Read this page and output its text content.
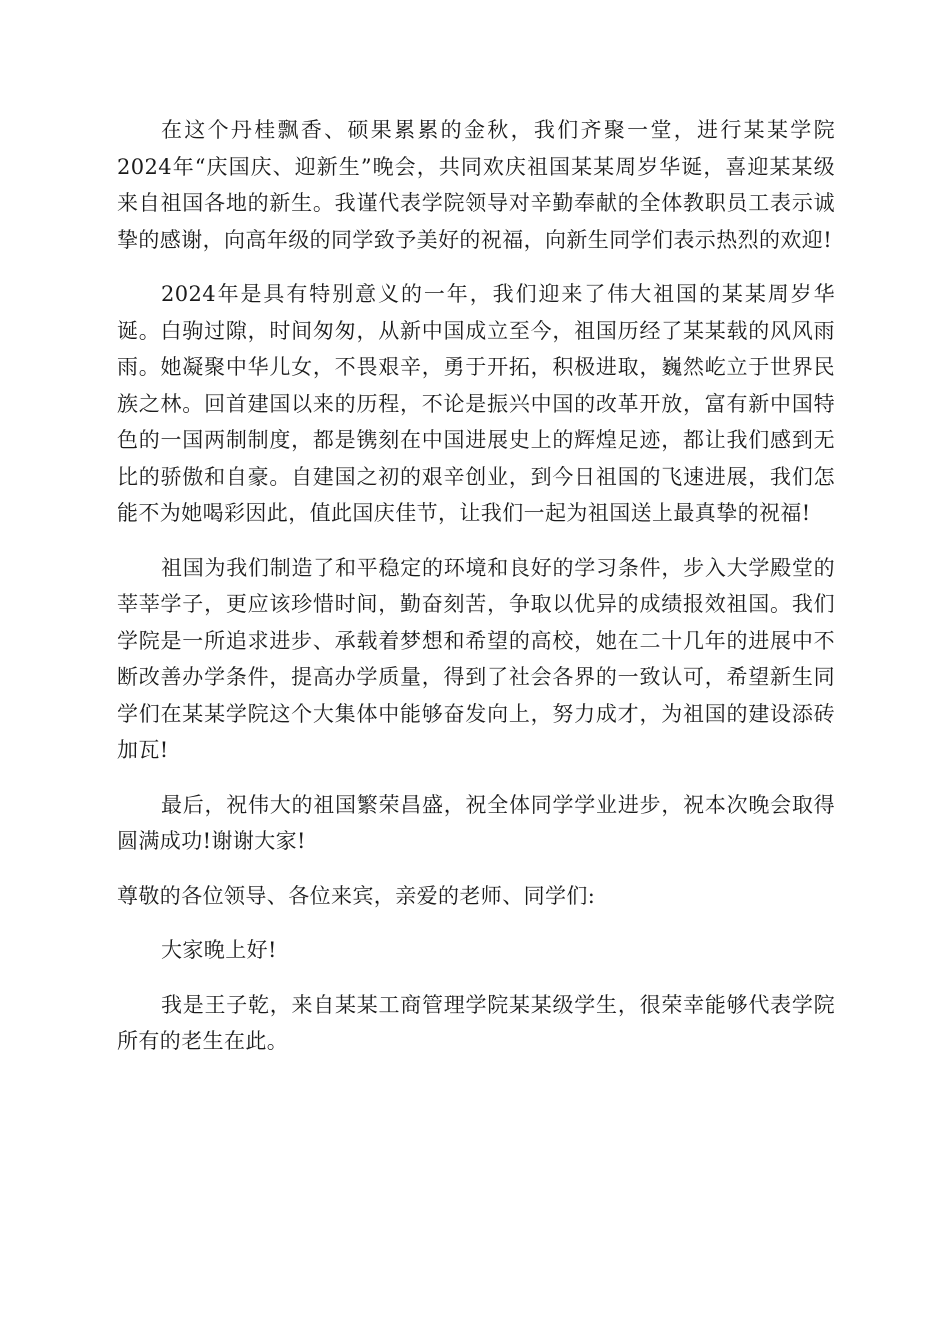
在这个丹桂飘香、硕果累累的金秋，我们齐聚一堂，进行某某学院2024年“庆国庆、迎新生”晚会，共同欢庆祖国某某周岁华诞，喜迎某某级来自祖国各地的新生。我谨代表学院领导对辛勤奉献的全体教职员工表示诚挚的感谢，向高年级的同学致予美好的祝福，向新生同学们表示热烈的欢迎!

2024年是具有特别意义的一年，我们迎来了伟大祖国的某某周岁华诞。白驹过隙，时间匆匆，从新中国成立至今，祖国历经了某某载的风风雨雨。她凝聚中华儿女，不畏艰辛，勇于开拓，积极进取，巍然屹立于世界民族之林。回首建国以来的历程，不论是振兴中国的改革开放，富有新中国特色的一国两制制度，都是镌刻在中国进展史上的辉煌足迹，都让我们感到无比的骄傲和自豪。自建国之初的艰辛创业，到今日祖国的飞速进展，我们怎能不为她喝彩因此，值此国庆佳节，让我们一起为祖国送上最真挚的祝福!

祖国为我们制造了和平稳定的环境和良好的学习条件，步入大学殿堂的莘莘学子，更应该珍惜时间，勤奋刻苦，争取以优异的成绩报效祖国。我们学院是一所追求进步、承载着梦想和希望的高校，她在二十几年的进展中不断改善办学条件，提高办学质量，得到了社会各界的一致认可，希望新生同学们在某某学院这个大集体中能够奋发向上，努力成才，为祖国的建设添砖加瓦!

最后，祝伟大的祖国繁荣昌盛，祝全体同学学业进步，祝本次晚会取得圆满成功!谢谢大家!

尊敬的各位领导、各位来宾，亲爱的老师、同学们:

大家晚上好!

我是王子乾，来自某某工商管理学院某某级学生，很荣幸能够代表学院所有的老生在此。
